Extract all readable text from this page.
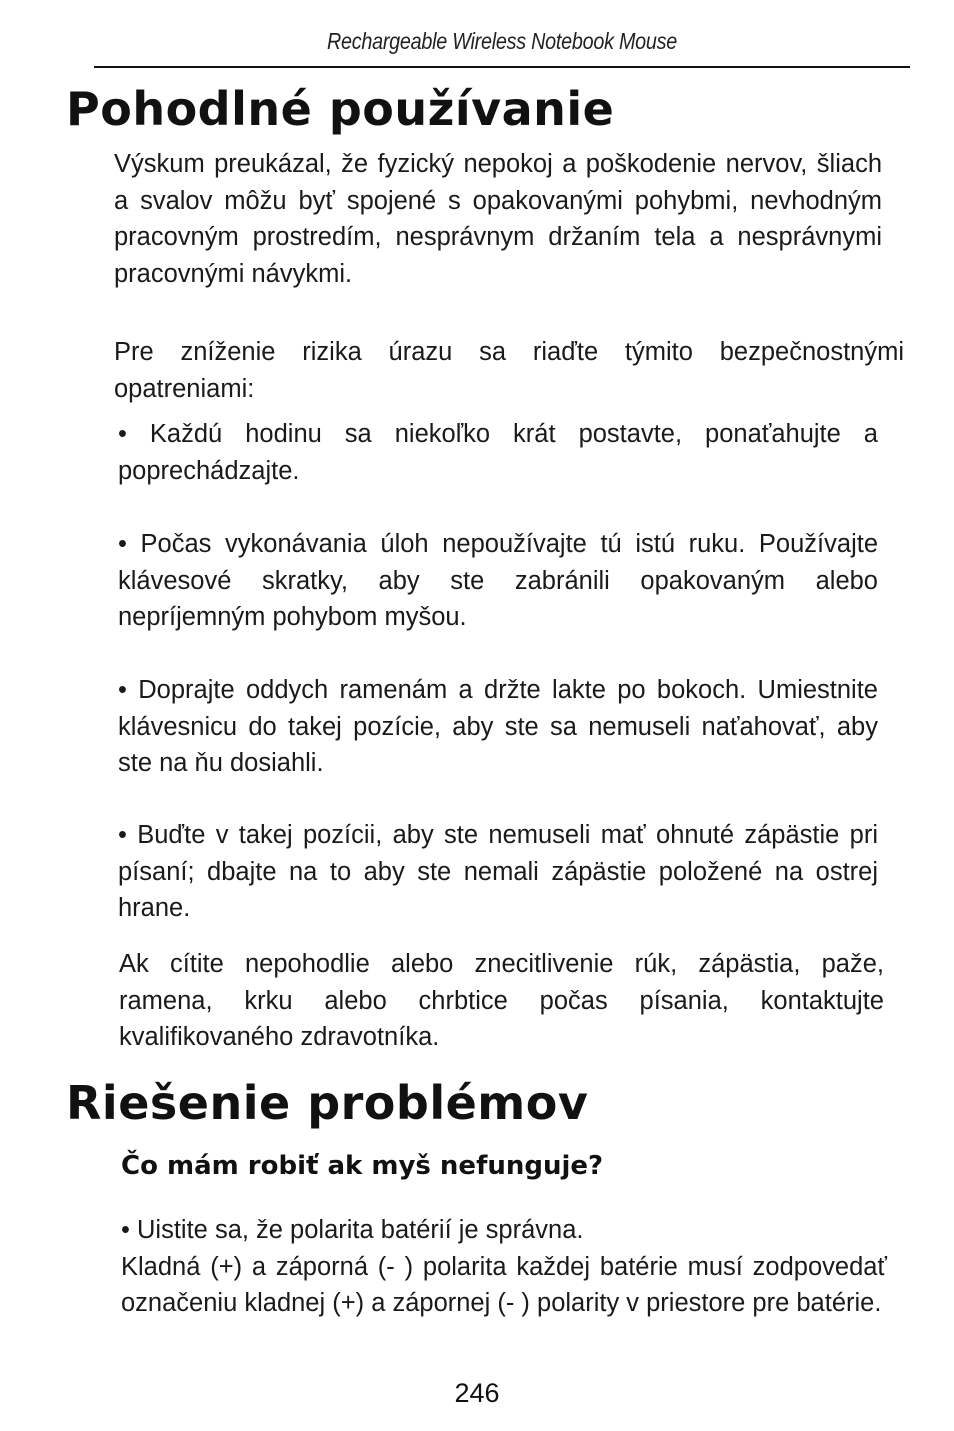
Rechargeable Wireless Notebook Mouse
Pohodlné používanie

Výskum preukázal, že fyzický nepokoj a poškodenie nervov, šliach a svalov môžu byť spojené s opakovanými pohybmi, nevhodným pracovným prostredím, nesprávnym držaním tela a nesprávnymi pracovnými návykmi.

Pre zníženie rizika úrazu sa riaďte týmito bezpečnostnými opatreniami:

• Každú hodinu sa niekoľko krát postavte, ponaťahujte a poprechádzajte.

• Počas vykonávania úloh nepoužívajte tú istú ruku. Používajte klávesové skratky, aby ste zabránili opakovaným alebo nepríjemným pohybom myšou.

• Doprajte oddych ramenám a držte lakte po bokoch. Umiestnite klávesnicu do takej pozície, aby ste sa nemuseli naťahovať, aby ste na ňu dosiahli.

• Buďte v takej pozícii, aby ste nemuseli mať ohnuté zápästie pri písaní; dbajte na to aby ste nemali zápästie položené na ostrej hrane.

Ak cítite nepohodlie alebo znecitlivenie rúk, zápästia, paže, ramena, krku alebo chrbtice počas písania, kontaktujte kvalifikovaného zdravotníka.

Riešenie problémov

Čo mám robiť ak myš nefunguje?

• Uistite sa, že polarita batérií je správna.
Kladná (+) a záporná (- ) polarita každej batérie musí zodpovedať označeniu kladnej (+) a zápornej (- ) polarity v priestore pre batérie.
246
